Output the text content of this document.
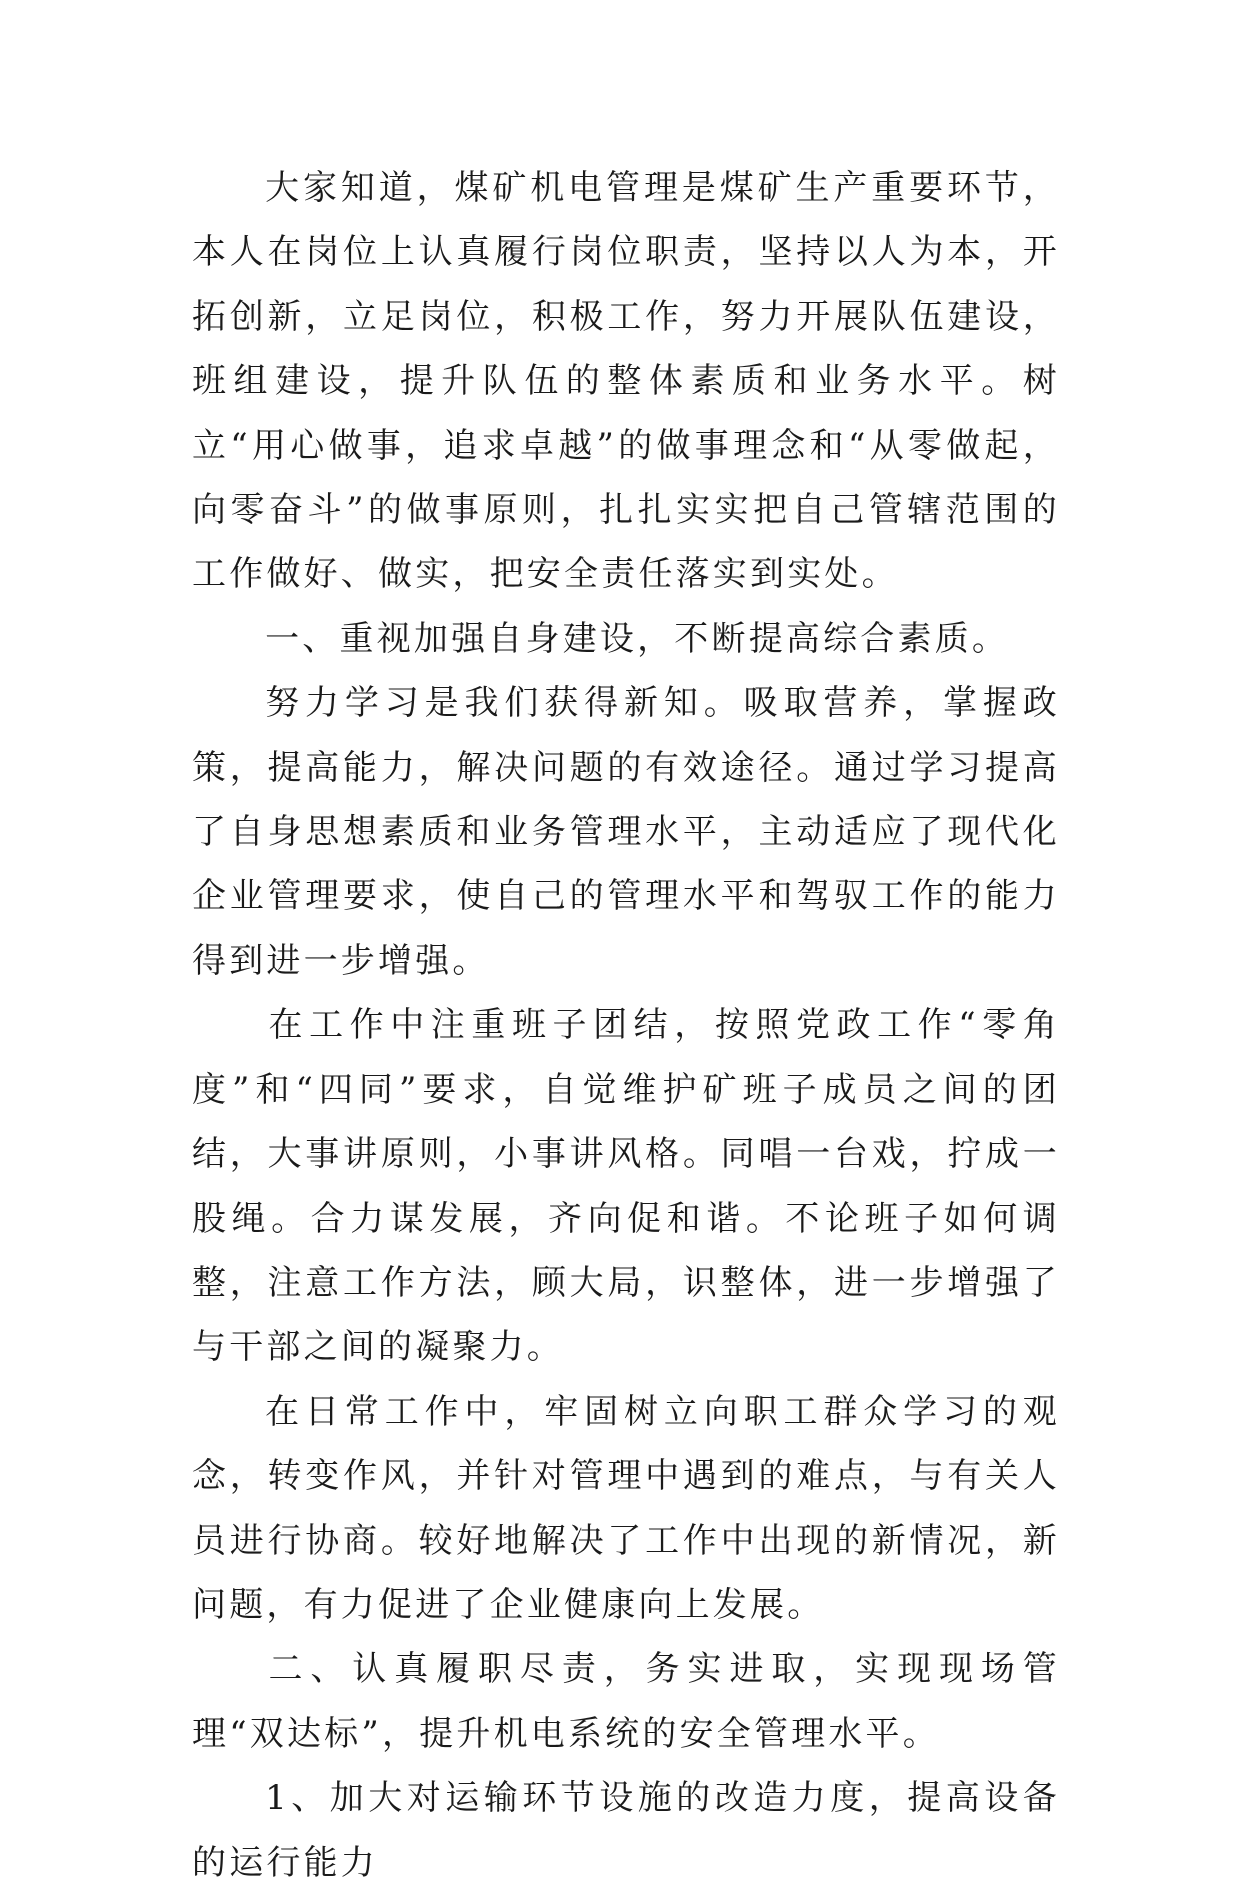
大家知道，煤矿机电管理是煤矿生产重要环节，本人在岗位上认真履行岗位职责，坚持以人为本，开拓创新，立足岗位，积极工作，努力开展队伍建设，班组建设，提升队伍的整体素质和业务水平。树立“用心做事，追求卓越”的做事理念和“从零做起，向零奋斗”的做事原则，扎扎实实把自己管辖范围的工作做好、做实，把安全责任落实到实处。

一、重视加强自身建设，不断提高综合素质。

努力学习是我们获得新知。吸取营养，掌握政策，提高能力，解决问题的有效途径。通过学习提高了自身思想素质和业务管理水平，主动适应了现代化企业管理要求，使自己的管理水平和驾驭工作的能力得到进一步增强。

在工作中注重班子团结，按照党政工作“零角度”和“四同”要求，自觉维护矿班子成员之间的团结，大事讲原则，小事讲风格。同唱一台戏，拧成一股绳。合力谋发展，齐向促和谐。不论班子如何调整，注意工作方法，顾大局，识整体，进一步增强了与干部之间的凝聚力。

在日常工作中，牢固树立向职工群众学习的观念，转变作风，并针对管理中遇到的难点，与有关人员进行协商。较好地解决了工作中出现的新情况，新问题，有力促进了企业健康向上发展。

二、认真履职尽责，务实进取，实现现场管理“双达标”，提升机电系统的安全管理水平。

1、加大对运输环节设施的改造力度，提高设备的运行能力
